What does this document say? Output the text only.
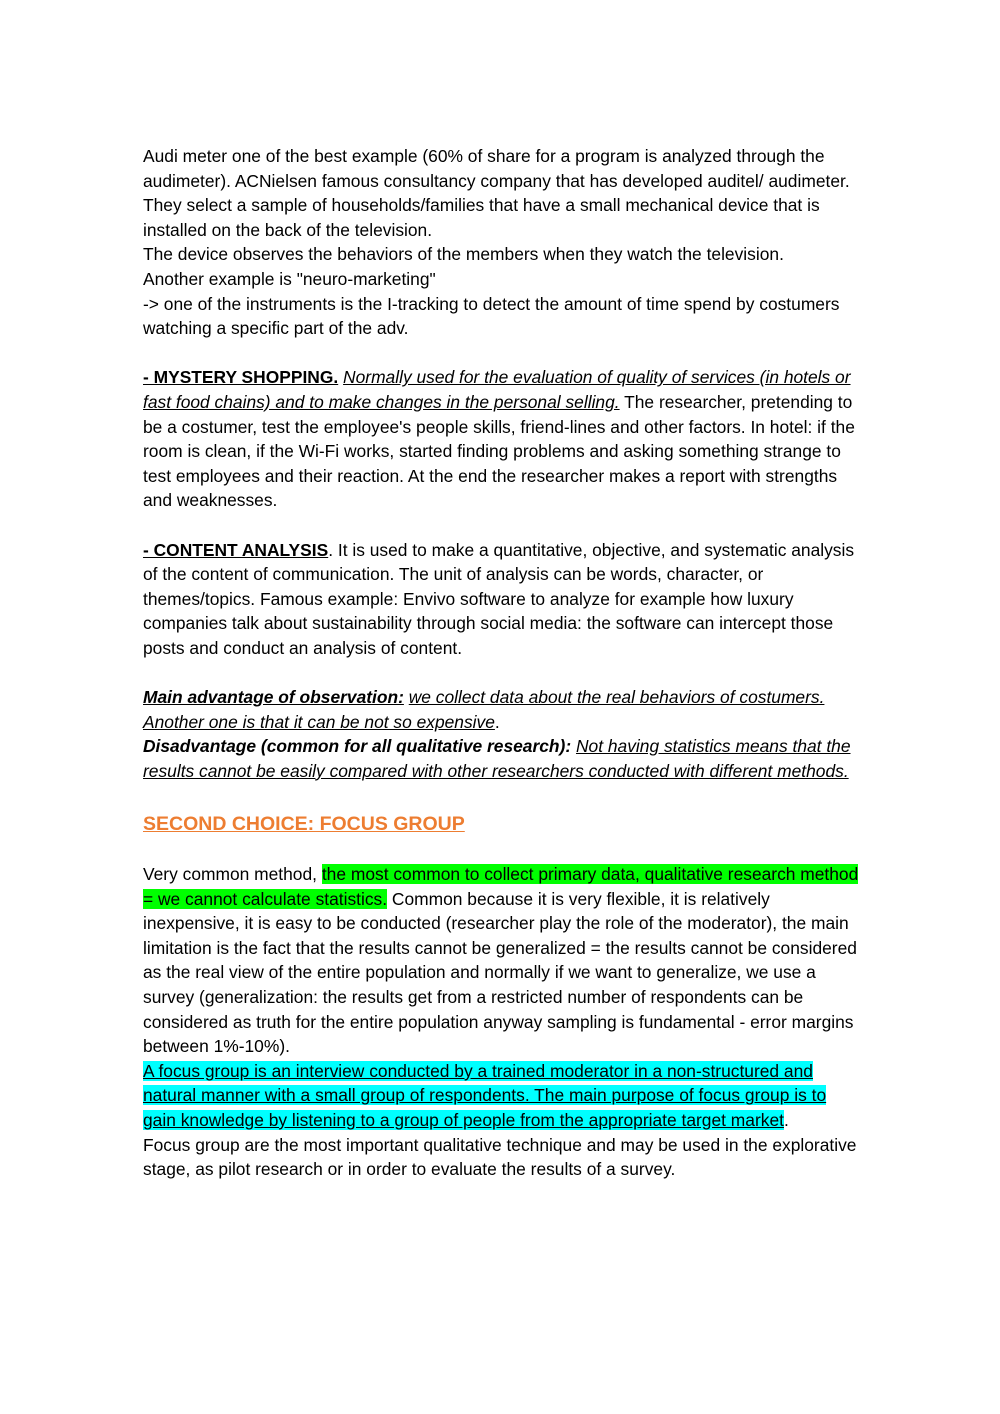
Audi meter one of the best example (60% of share for a program is analyzed through the audimeter). ACNielsen famous consultancy company that has developed auditel/ audimeter. They select a sample of households/families that have a small mechanical device that is installed on the back of the television.

The device observes the behaviors of the members when they watch the television.

Another example is "neuro-marketing"

-> one of the instruments is the I-tracking to detect the amount of time spend by costumers watching a specific part of the adv.

- MYSTERY SHOPPING. Normally used for the evaluation of quality of services (in hotels or fast food chains) and to make changes in the personal selling. The researcher, pretending to be a costumer, test the employee's people skills, friend-lines and other factors. In hotel: if the room is clean, if the Wi-Fi works, started finding problems and asking something strange to test employees and their reaction. At the end the researcher makes a report with strengths and weaknesses.

- CONTENT ANALYSIS. It is used to make a quantitative, objective, and systematic analysis of the content of communication. The unit of analysis can be words, character, or themes/topics. Famous example: Envivo software to analyze for example how luxury companies talk about sustainability through social media: the software can intercept those posts and conduct an analysis of content.

Main advantage of observation: we collect data about the real behaviors of costumers. Another one is that it can be not so expensive.

Disadvantage (common for all qualitative research): Not having statistics means that the results cannot be easily compared with other researchers conducted with different methods.

SECOND CHOICE: FOCUS GROUP

Very common method, the most common to collect primary data, qualitative research method = we cannot calculate statistics. Common because it is very flexible, it is relatively inexpensive, it is easy to be conducted (researcher play the role of the moderator), the main limitation is the fact that the results cannot be generalized = the results cannot be considered as the real view of the entire population and normally if we want to generalize, we use a survey (generalization: the results get from a restricted number of respondents can be considered as truth for the entire population anyway sampling is fundamental - error margins between 1%-10%).

A focus group is an interview conducted by a trained moderator in a non-structured and natural manner with a small group of respondents. The main purpose of focus group is to gain knowledge by listening to a group of people from the appropriate target market.

Focus group are the most important qualitative technique and may be used in the explorative stage, as pilot research or in order to evaluate the results of a survey.
